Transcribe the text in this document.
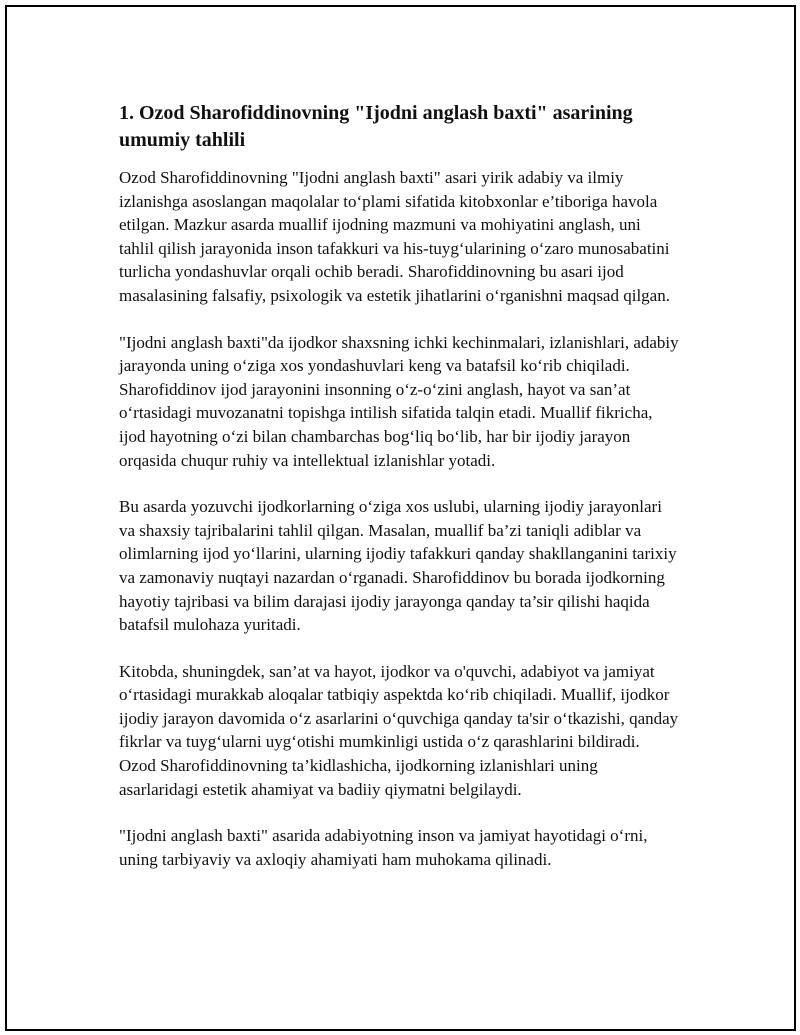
1. Ozod Sharofiddinovning "Ijodni anglash baxti" asarining umumiy tahlili

Ozod Sharofiddinovning "Ijodni anglash baxti" asari yirik adabiy va ilmiy izlanishga asoslangan maqolalar to‘plami sifatida kitobxonlar e’tiboriga havola etilgan. Mazkur asarda muallif ijodning mazmuni va mohiyatini anglash, uni tahlil qilish jarayonida inson tafakkuri va his-tuyg‘ularining o‘zaro munosabatini turlicha yondashuvlar orqali ochib beradi. Sharofiddinovning bu asari ijod masalasining falsafiy, psixologik va estetik jihatlarini o‘rganishni maqsad qilgan.

"Ijodni anglash baxti"da ijodkor shaxsning ichki kechinmalari, izlanishlari, adabiy jarayonda uning o‘ziga xos yondashuvlari keng va batafsil ko‘rib chiqiladi. Sharofiddinov ijod jarayonini insonning o‘z-o‘zini anglash, hayot va san’at o‘rtasidagi muvozanatni topishga intilish sifatida talqin etadi. Muallif fikricha, ijod hayotning o‘zi bilan chambarchas bog‘liq bo‘lib, har bir ijodiy jarayon orqasida chuqur ruhiy va intellektual izlanishlar yotadi.

Bu asarda yozuvchi ijodkorlarning o‘ziga xos uslubi, ularning ijodiy jarayonlari va shaxsiy tajribalarini tahlil qilgan. Masalan, muallif ba’zi taniqli adiblar va olimlarning ijod yo‘llarini, ularning ijodiy tafakkuri qanday shakllanganini tarixiy va zamonaviy nuqtayi nazardan o‘rganadi. Sharofiddinov bu borada ijodkorning hayotiy tajribasi va bilim darajasi ijodiy jarayonga qanday ta’sir qilishi haqida batafsil mulohaza yuritadi.

Kitobda, shuningdek, san’at va hayot, ijodkor va o'quvchi, adabiyot va jamiyat o‘rtasidagi murakkab aloqalar tatbiqiy aspektda ko‘rib chiqiladi. Muallif, ijodkor ijodiy jarayon davomida o‘z asarlarini o‘quvchiga qanday ta'sir o‘tkazishi, qanday fikrlar va tuyg‘ularni uyg‘otishi mumkinligi ustida o‘z qarashlarini bildiradi. Ozod Sharofiddinovning ta’kidlashicha, ijodkorning izlanishlari uning asarlaridagi estetik ahamiyat va badiiy qiymatni belgilaydi.

"Ijodni anglash baxti" asarida adabiyotning inson va jamiyat hayotidagi o‘rni, uning tarbiyaviy va axloqiy ahamiyati ham muhokama qilinadi.
